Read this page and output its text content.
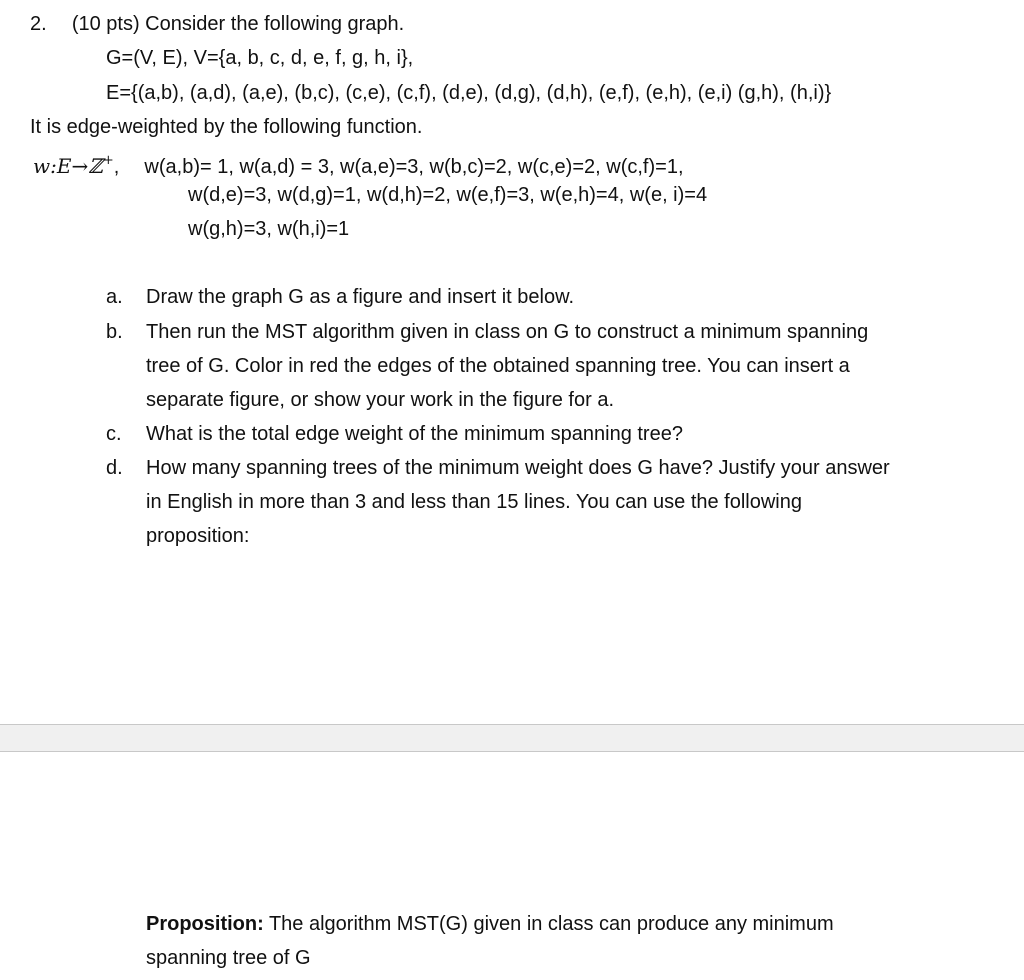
2. (10 pts) Consider the following graph.
G=(V, E), V={a, b, c, d, e, f, g, h, i},
E={(a,b), (a,d), (a,e), (b,c), (c,e), (c,f), (d,e), (d,g), (d,h), (e,f), (e,h), (e,i) (g,h), (h,i)}
It is edge-weighted by the following function.
w:E→ℤ+, w(a,b)= 1, w(a,d) = 3, w(a,e)=3, w(b,c)=2, w(c,e)=2, w(c,f)=1,
w(d,e)=3, w(d,g)=1, w(d,h)=2, w(e,f)=3, w(e,h)=4, w(e, i)=4
w(g,h)=3, w(h,i)=1
a. Draw the graph G as a figure and insert it below.
b. Then run the MST algorithm given in class on G to construct a minimum spanning
tree of G. Color in red the edges of the obtained spanning tree. You can insert a
separate figure, or show your work in the figure for a.
c. What is the total edge weight of the minimum spanning tree?
d. How many spanning trees of the minimum weight does G have? Justify your answer
in English in more than 3 and less than 15 lines. You can use the following
proposition:
Proposition: The algorithm MST(G) given in class can produce any minimum
spanning tree of G
